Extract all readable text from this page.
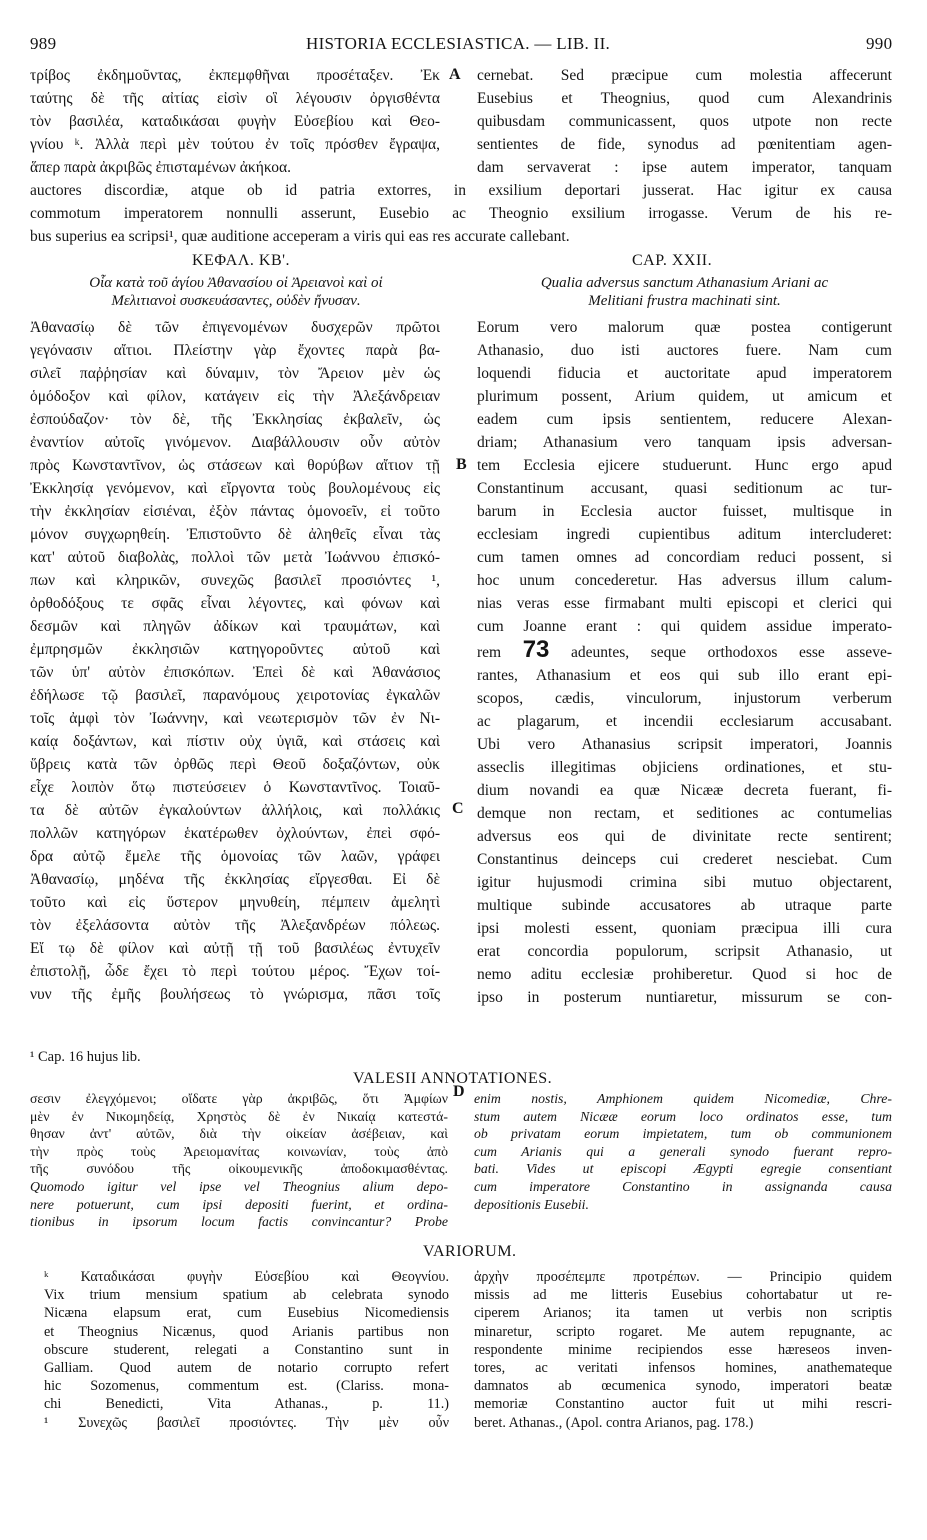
989	HISTORIA ECCLESIASTICA. — LIB. II.	990
A
B
C
D
τρίβος ἐκδημοῦντας, ἐκπεμφθῆναι προσέταξεν. Ἐκ
ταύτης δὲ τῆς αἰτίας εἰσὶν οἳ λέγουσιν ὀργισθέντα
τὸν βασιλέα, καταδικάσαι φυγὴν Εὐσεβίου καὶ Θεο-
γνίου ᵏ. Ἀλλὰ περὶ μὲν τούτου ἐν τοῖς πρόσθεν ἔγραψα,
ἅπερ παρὰ ἀκριβῶς ἐπισταμένων ἀκήκοα.
cernebat. Sed præcipue cum molestia affecerunt
Eusebius et Theognius, quod cum Alexandrinis
quibusdam communicassent, quos utpote non recte
sentientes de fide, synodus ad pœnitentiam agen-
dam servaverat : ipse autem imperator, tanquam
auctores discordiæ, atque ob id patria extorres, in exsilium deportari jusserat. Hac igitur ex causa
commotum imperatorem nonnulli asserunt, Eusebio ac Theognio exsilium irrogasse. Verum de his re-
bus superius ea scripsi¹, quæ auditione acceperam a viris qui eas res accurate callebant.
ΚΕΦΑΛ. ΚΒ'.	CAP. XXII.
Οἷα κατὰ τοῦ ἁγίου Ἀθανασίου οἱ Ἀρειανοὶ καὶ οἱ
Μελιτιανοὶ συσκευάσαντες, οὐδὲν ἤνυσαν.
Qualia adversus sanctum Athanasium Ariani ac
Melitiani frustra machinati sint.
Ἀθανασίῳ δὲ τῶν ἐπιγενομένων δυσχερῶν πρῶτοι
γεγόνασιν αἴτιοι. Πλείστην γὰρ ἔχοντες παρὰ βα-
σιλεῖ παῤῥησίαν καὶ δύναμιν, τὸν Ἄρειον μὲν ὡς
ὁμόδοξον καὶ φίλον, κατάγειν εἰς τὴν Ἀλεξάνδρειαν
ἐσπούδαζον· τὸν δὲ, τῆς Ἐκκλησίας ἐκβαλεῖν, ὡς
ἐναντίον αὐτοῖς γινόμενον. Διαβάλλουσιν οὖν αὐτὸν
πρὸς Κωνσταντῖνον, ὡς στάσεων καὶ θορύβων αἴτιον τῇ
Ἐκκλησίᾳ γενόμενον, καὶ εἴργοντα τοὺς βουλομένους εἰς
τὴν ἐκκλησίαν εἰσιέναι, ἐξὸν πάντας ὁμονοεῖν, εἰ τοῦτο
μόνον συγχωρηθείη. Ἐπιστοῦντο δὲ ἀληθεῖς εἶναι τὰς
κατ' αὐτοῦ διαβολὰς, πολλοὶ τῶν μετὰ Ἰωάννου ἐπισκό-
πων καὶ κληρικῶν, συνεχῶς βασιλεῖ προσιόντες ¹,
ὀρθοδόξους τε σφᾶς εἶναι λέγοντες, καὶ φόνων καὶ
δεσμῶν καὶ πληγῶν ἀδίκων καὶ τραυμάτων, καὶ
ἐμπρησμῶν ἐκκλησιῶν κατηγοροῦντες αὐτοῦ καὶ
τῶν ὑπ' αὐτὸν ἐπισκόπων. Ἐπεὶ δὲ καὶ Ἀθανάσιος
ἐδήλωσε τῷ βασιλεῖ, παρανόμους χειροτονίας ἐγκαλῶν
τοῖς ἀμφὶ τὸν Ἰωάννην, καὶ νεωτερισμὸν τῶν ἐν Νι-
καίᾳ δοξάντων, καὶ πίστιν οὐχ ὑγιᾶ, καὶ στάσεις καὶ
ὕβρεις κατὰ τῶν ὀρθῶς περὶ Θεοῦ δοξαζόντων, οὐκ
εἶχε λοιπὸν ὅτῳ πιστεύσειεν ὁ Κωνσταντῖνος. Τοιαῦ-
τα δὲ αὐτῶν ἐγκαλούντων ἀλλήλοις, καὶ πολλάκις
πολλῶν κατηγόρων ἑκατέρωθεν ὀχλούντων, ἐπεὶ σφό-
δρα αὐτῷ ἔμελε τῆς ὁμονοίας τῶν λαῶν, γράφει
Ἀθανασίῳ, μηδένα τῆς ἐκκλησίας εἴργεσθαι. Εἰ δὲ
τοῦτο καὶ εἰς ὕστερον μηνυθείη, πέμπειν ἀμελητὶ
τὸν ἐξελάσοντα αὐτὸν τῆς Ἀλεξανδρέων πόλεως.
Εἴ τῳ δὲ φίλον καὶ αὐτῇ τῇ τοῦ βασιλέως ἐντυχεῖν
ἐπιστολῇ, ὧδε ἔχει τὸ περὶ τούτου μέρος. Ἔχων τοί-
νυν τῆς ἐμῆς βουλήσεως τὸ γνώρισμα, πᾶσι τοῖς
Eorum vero malorum quæ postea contigerunt
Athanasio, duo isti auctores fuere. Nam cum
loquendi fiducia et auctoritate apud imperatorem
plurimum possent, Arium quidem, ut amicum et
eadem cum ipsis sentientem, reducere Alexan-
driam; Athanasium vero tanquam ipsis adversan-
tem Ecclesia ejicere studuerunt. Hunc ergo apud
Constantinum accusant, quasi seditionum ac tur-
barum in Ecclesia auctor fuisset, multisque in
ecclesiam ingredi cupientibus aditum intercluderet:
cum tamen omnes ad concordiam reduci possent, si
hoc unum concederetur. Has adversus illum calum-
nias veras esse firmabant multi episcopi et clerici qui
cum Joanne erant : qui quidem assidue imperato-
rem 73 adeuntes, seque orthodoxos esse asseve-
rantes, Athanasium et eos qui sub illo erant epi-
scopos, cædis, vinculorum, injustorum verberum
ac plagarum, et incendii ecclesiarum accusabant.
Ubi vero Athanasius scripsit imperatori, Joannis
asseclis illegitimas objiciens ordinationes, et stu-
dium novandi ea quæ Nicææ decreta fuerant, fi-
demque non rectam, et seditiones ac contumelias
adversus eos qui de divinitate recte sentirent;
Constantinus deinceps cui crederet nesciebat. Cum
igitur hujusmodi crimina sibi mutuo objectarent,
multique subinde accusatores ab utraque parte
ipsi molesti essent, quoniam præcipua illi cura
erat concordia populorum, scripsit Athanasio, ut
nemo aditu ecclesiæ prohiberetur. Quod si hoc de
ipso in posterum nuntiaretur, missurum se con-
¹ Cap. 16 hujus lib.
VALESII ANNOTATIONES.
σεσιν ἐλεγχόμενοι; οἴδατε γὰρ ἀκριβῶς, ὅτι Ἀμφίων
μὲν ἐν Νικομηδείᾳ, Χρηστὸς δὲ ἐν Νικαίᾳ κατεστά-
θησαν ἀντ' αὐτῶν, διὰ τὴν οἰκείαν ἀσέβειαν, καὶ
τὴν πρὸς τοὺς Ἀρειομανίτας κοινωνίαν, τοὺς ἀπὸ
τῆς συνόδου τῆς οἰκουμενικῆς ἀποδοκιμασθέντας.
Quomodo igitur vel ipse vel Theognius alium depo-
nere potuerunt, cum ipsi depositi fuerint, et ordina-
tionibus in ipsorum locum factis convincantur? Probe
enim nostis, Amphionem quidem Nicomediæ, Chre-
stum autem Nicææ eorum loco ordinatos esse, tum
ob privatam eorum impietatem, tum ob communionem
cum Arianis qui a generali synodo fuerant repro-
bati. Vides ut episcopi Ægypti egregie consentiant
cum imperatore Constantino in assignanda causa
depositionis Eusebii.
VARIORUM.
ᵏ Καταδικάσαι φυγὴν Εὐσεβίου καὶ Θεογνίου.
Vix trium mensium spatium ab celebrata synodo
Nicæna elapsum erat, cum Eusebius Nicomediensis
et Theognius Nicænus, quod Arianis partibus non
obscure studerent, relegati a Constantino sunt in
Galliam. Quod autem de notario corrupto refert
hic Sozomenus, commentum est. (Clariss. mona-
chi Benedicti, Vita Athanas., p. 11.)
¹ Συνεχῶς βασιλεῖ προσιόντες. Τὴν μὲν οὖν
ἀρχὴν προσέπεμπε προτρέπων. — Principio quidem
missis ad me litteris Eusebius cohortabatur ut re-
ciperem Arianos; ita tamen ut verbis non scriptis
minaretur, scripto rogaret. Me autem repugnante, ac
respondente minime recipiendos esse hæreseos inven-
tores, ac veritati infensos homines, anathemateque
damnatos ab œcumenica synodo, imperatori beatæ
memoriæ Constantino auctor fuit ut mihi rescri-
beret. Athanas., (Apol. contra Arianos, pag. 178.)
